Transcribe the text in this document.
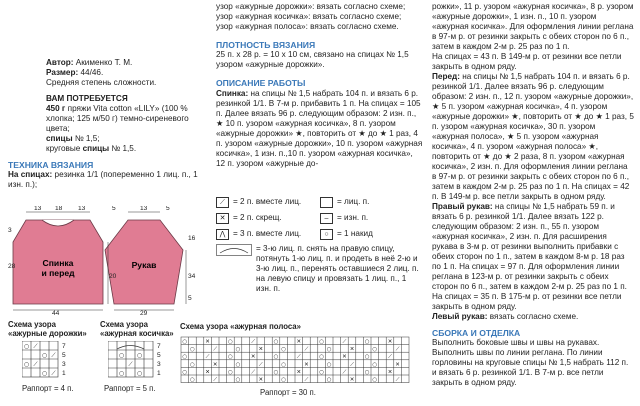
Автор: Акименко Т. М.

Размер: 44/46.

Средняя степень сложности.

ВАМ ПОТРЕБУЕТСЯ

450 г пряжи Vita cotton «LILY» (100 % хлопка; 125 м/50 г) темно-сиреневого цвета;

спицы № 1,5;

круговые спицы № 1,5.

ТЕХНИКА ВЯЗАНИЯ

На спицах: резинка 1/1 (попеременно 1 лиц. п., 1 изн. п.);

Спинка
и перед
Рукав
13 18 13	5	13	5
3
28
20	34
16
44	29
5
Схема узора «ажурные дорожки»
Схема узора «ажурная косичка»
○ ⟋
○ ⟋
○ ⟋
○ ⟋
7
5
3
1
○ ○
⟋
○ ○
7
5
3
1
Раппорт = 4 п.	Раппорт = 5 п.

узор «ажурные дорожки»: вязать согласно схеме;

узор «ажурная косичка»: вязать согласно схеме;

узор «ажурная полоса»: вязать согласно схеме.

ПЛОТНОСТЬ ВЯЗАНИЯ

25 п. х 28 р. = 10 х 10 см, связано на спицах № 1,5 узором «ажурные дорожки».

ОПИСАНИЕ РАБОТЫ

Спинка: на спицы № 1,5 набрать 104 п. и вязать 6 р. резинкой 1/1. В 7-м р. прибавить 1 п. На спицах = 105 п. Далее вязать 96 р. следующим образом: 2 изн. п., ★ 10 п. узором «ажурная косичка», 8 п. узором «ажурные дорожки» ★, повторить от ★ до ★ 1 раз, 4 п. узором «ажурные дорожки», 10 п. узором «ажурная косичка», 1 изн. п.,10 п. узором «ажурная косичка», 12 п. узором «ажурные до-

⟋ = 2 п. вместе лиц.
✕ = 2 п. скрещ.
⋀ = 3 п. вместе лиц.
= лиц. п.
–	= изн. п.
○	= 1 накид

= 3-ю лиц. п. снять на правую спицу, потянуть 1-ю лиц. п. и продеть в неё 2-ю и 3-ю лиц. п., перенять оставшиеся 2 лиц. п. на левую спицу и провязать 1 лиц. п., 1 изн. п.

Схема узора «ажурная полоса»
○	✕	○	⟋	○	✕	○	⟋	○	✕
○	⟋	○	✕	○	⟋	○	✕	○	⟋
○	⟋	○	✕	○	⟋	○	✕	○	⟋
○	✕	○	⟋	○	✕	○	⟋	○	✕
○	✕	○	⟋	○	✕	○	⟋	○	✕
○	⟋	○	✕	○	⟋	○	✕	○	⟋
Раппорт = 30 п.

рожки», 11 р. узором «ажурная косичка», 8 р. узором «ажурные дорожки», 1 изн. п., 10 п. узором «ажурная косичка». Для оформления линии реглана в 97-м р. от резинки закрыть с обеих сторон по 6 п., затем в каждом 2-м р. 25 раз по 1 п.

На спицах = 43 п. В 149-м р. от резинки все петли закрыть в одном ряду.

Перед: на спицы № 1,5 набрать 104 п. и вязать 6 р. резинкой 1/1. Далее вязать 96 р. следующим образом: 2 изн. п., 12 п. узором «ажурные дорожки», ★ 5 п. узором «ажурная косичка», 4 п. узором «ажурные дорожки» ★, повторить от ★ до ★ 1 раз, 5 п. узором «ажурная косичка», 30 п. узором «ажурная полоса», ★ 5 п. узором «ажурная косичка», 4 п. узором «ажурная полоса» ★, повторить от ★ до ★ 2 раза, 8 п. узором «ажурная косичка», 2 изн. п. Для оформления линии реглана в 97-м р. от резинки закрыть с обеих сторон по 6 п., затем в каждом 2-м р. 25 раз по 1 п. На спицах = 42 п. В 149-м р. все петли закрыть в одном ряду.

Правый рукав: на спицы № 1,5 набрать 59 п. и вязать 6 р. резинкой 1/1. Далее вязать 122 р. следующим образом: 2 изн. п., 55 п. узором «ажурная косичка», 2 изн. п. Для расширения рукава в 3-м р. от резинки выполнить прибавки с обеих сторон по 1 п., затем в каждом 8-м р. 18 раз по 1 п. На спицах = 97 п. Для оформления линии реглана в 123-м р. от резинки закрыть с обеих сторон по 6 п., затем в каждом 2-м р. 25 раз по 1 п. На спицах = 35 п. В 175-м р. от резинки все петли закрыть в одном ряду.

Левый рукав: вязать согласно схеме.

СБОРКА И ОТДЕЛКА

Выполнить боковые швы и швы на рукавах. Выполнить швы по линии реглана. По линии горловины на круговые спицы № 1,5 набрать 112 п. и вязать 6 р. резинкой 1/1. В 7-м р. все петли закрыть в одном ряду.
